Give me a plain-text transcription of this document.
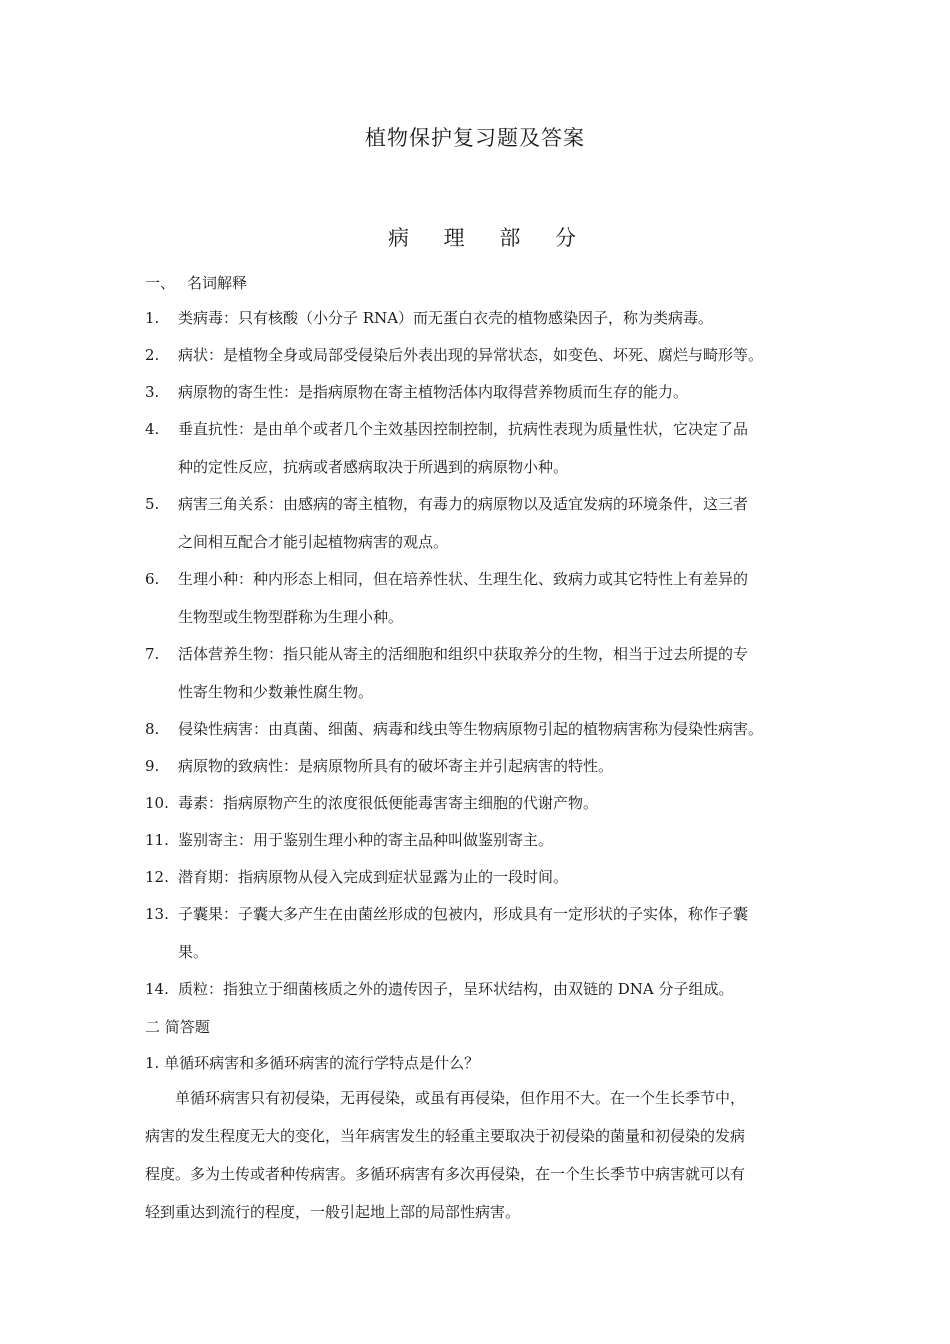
植物保护复习题及答案
病 理 部 分
一、 名词解释
1. 类病毒：只有核酸（小分子 RNA）而无蛋白衣壳的植物感染因子，称为类病毒。
2. 病状：是植物全身或局部受侵染后外表出现的异常状态，如变色、坏死、腐烂与畸形等。
3. 病原物的寄生性：是指病原物在寄主植物活体内取得营养物质而生存的能力。
4. 垂直抗性：是由单个或者几个主效基因控制控制，抗病性表现为质量性状，它决定了品
种的定性反应，抗病或者感病取决于所遇到的病原物小种。
5. 病害三角关系：由感病的寄主植物，有毒力的病原物以及适宜发病的环境条件，这三者
之间相互配合才能引起植物病害的观点。
6. 生理小种：种内形态上相同，但在培养性状、生理生化、致病力或其它特性上有差异的
生物型或生物型群称为生理小种。
7. 活体营养生物：指只能从寄主的活细胞和组织中获取养分的生物，相当于过去所提的专
性寄生物和少数兼性腐生物。
8. 侵染性病害：由真菌、细菌、病毒和线虫等生物病原物引起的植物病害称为侵染性病害。
9. 病原物的致病性：是病原物所具有的破坏寄主并引起病害的特性。
10. 毒素：指病原物产生的浓度很低便能毒害寄主细胞的代谢产物。
11. 鉴别寄主：用于鉴别生理小种的寄主品种叫做鉴别寄主。
12. 潜育期：指病原物从侵入完成到症状显露为止的一段时间。
13. 子囊果：子囊大多产生在由菌丝形成的包被内，形成具有一定形状的子实体，称作子囊
果。
14. 质粒：指独立于细菌核质之外的遗传因子，呈环状结构，由双链的 DNA 分子组成。
二 简答题
1. 单循环病害和多循环病害的流行学特点是什么？
单循环病害只有初侵染，无再侵染，或虽有再侵染，但作用不大。在一个生长季节中，
病害的发生程度无大的变化，当年病害发生的轻重主要取决于初侵染的菌量和初侵染的发病
程度。多为土传或者种传病害。多循环病害有多次再侵染，在一个生长季节中病害就可以有
轻到重达到流行的程度，一般引起地上部的局部性病害。
